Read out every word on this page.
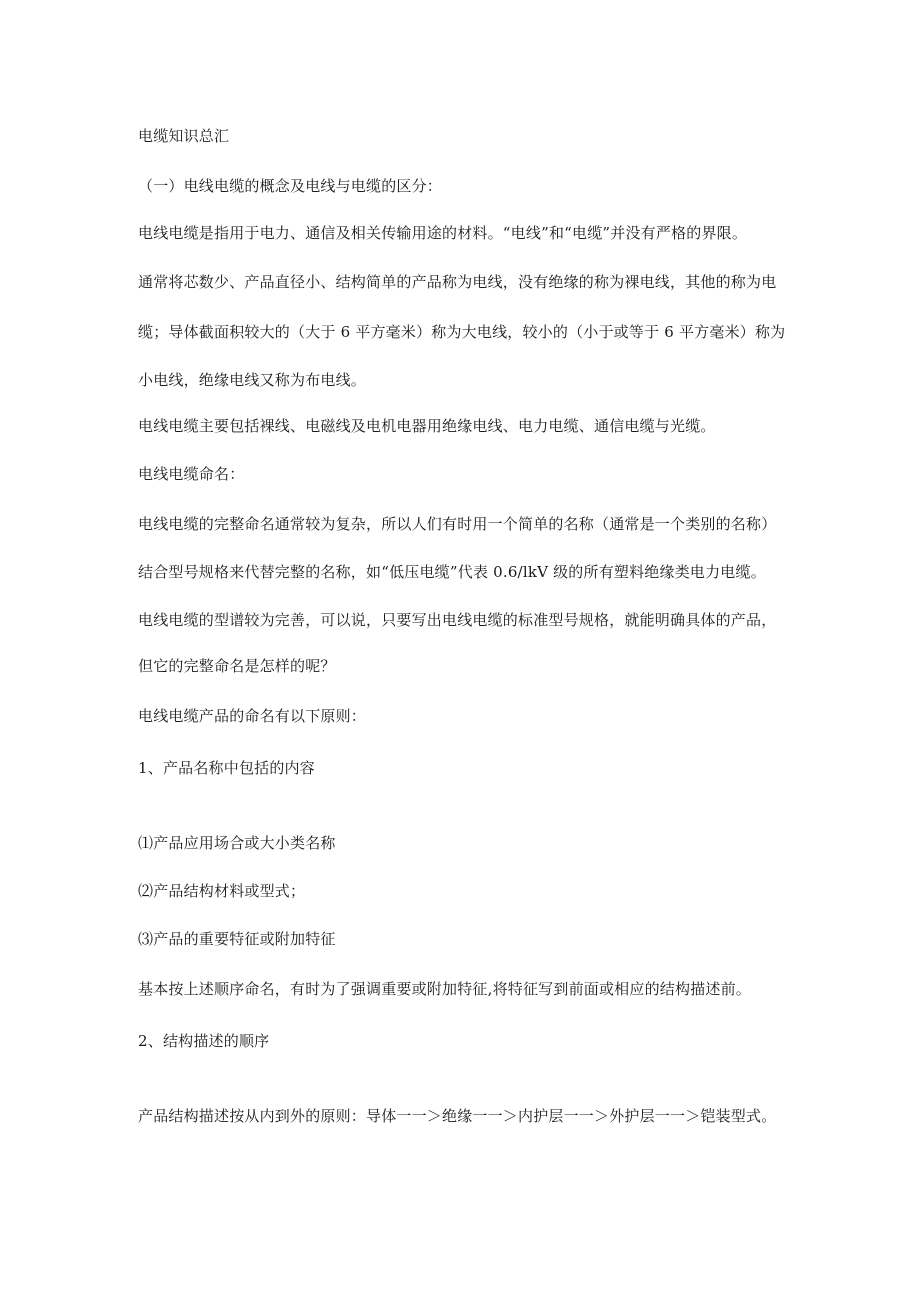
电缆知识总汇
（一）电线电缆的概念及电线与电缆的区分：
电线电缆是指用于电力、通信及相关传输用途的材料。“电线”和“电缆”并没有严格的界限。
通常将芯数少、产品直径小、结构简单的产品称为电线，没有绝缘的称为裸电线，其他的称为电
缆；导体截面积较大的（大于 6 平方毫米）称为大电线，较小的（小于或等于 6 平方毫米）称为
小电线，绝缘电线又称为布电线。
电线电缆主要包括裸线、电磁线及电机电器用绝缘电线、电力电缆、通信电缆与光缆。
电线电缆命名：
电线电缆的完整命名通常较为复杂，所以人们有时用一个简单的名称（通常是一个类别的名称）
结合型号规格来代替完整的名称，如“低压电缆”代表 0.6/lkV 级的所有塑料绝缘类电力电缆。
电线电缆的型谱较为完善，可以说，只要写出电线电缆的标准型号规格，就能明确具体的产品，
但它的完整命名是怎样的呢？
电线电缆产品的命名有以下原则：
1、产品名称中包括的内容
⑴产品应用场合或大小类名称
⑵产品结构材料或型式；
⑶产品的重要特征或附加特征
基本按上述顺序命名，有时为了强调重要或附加特征,将特征写到前面或相应的结构描述前。
2、结构描述的顺序
产品结构描述按从内到外的原则：导体一一＞绝缘一一＞内护层一一＞外护层一一＞铠装型式。
